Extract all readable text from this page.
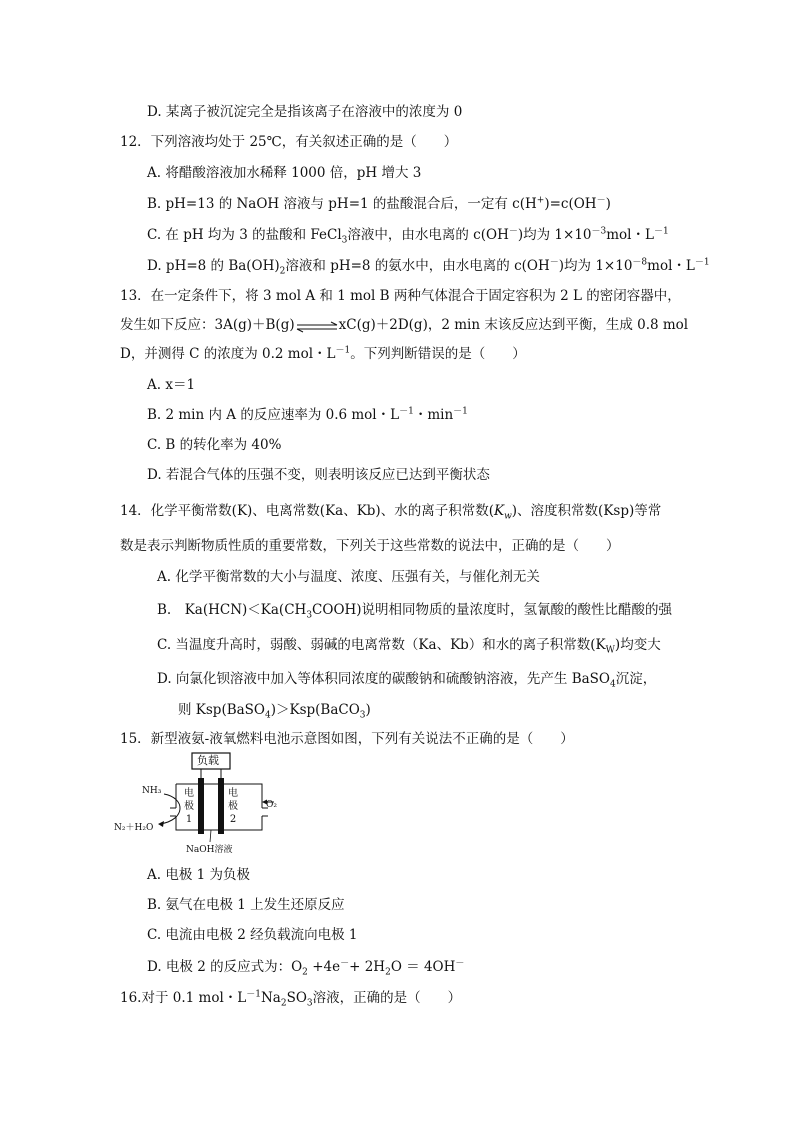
D. 某离子被沉淀完全是指该离子在溶液中的浓度为 0
12．下列溶液均处于 25℃，有关叙述正确的是（　　）
A. 将醋酸溶液加水稀释 1000 倍，pH 增大 3
B. pH=13 的 NaOH 溶液与 pH=1 的盐酸混合后，一定有 c(H+)=c(OH－)
C. 在 pH 均为 3 的盐酸和 FeCl$_3$溶液中，由水电离的 c(OH－)均为 $1\times 10^{-3}mol$・$L^{-1}$
D. pH=8 的 $Ba(OH)_2$溶液和 pH=8 的氨水中，由水电离的 c(OH－)均为 $1\times 10^{-8}mol$・$L^{-1}$
13．在一定条件下，将 3 mol A 和 1 mol B 两种气体混合于固定容积为 2 L 的密闭容器中，
发生如下反应：3A(g)＋B(g)⇌xC(g)＋2D(g)，2 min 末该反应达到平衡，生成 0.8 mol
D，并测得 C 的浓度为 0.2 mol・$L^{-1}$。下列判断错误的是（　　）
A. x＝1
B. 2 min 内 A 的反应速率为 0.6 mol・$L^{-1}$・$\min^{-1}$
C. B 的转化率为 40%
D. 若混合气体的压强不变，则表明该反应已达到平衡状态
14．化学平衡常数(K)、电离常数(Ka、Kb)、水的离子积常数$(K_w)$、溶度积常数(Ksp)等常
数是表示判断物质性质的重要常数，下列关于这些常数的说法中，正确的是（　　）
A. 化学平衡常数的大小与温度、浓度、压强有关，与催化剂无关
B.　$Ka(HCN)<Ka(CH_3COOH)$说明相同物质的量浓度时，氢氰酸的酸性比醋酸的强
C. 当温度升高时，弱酸、弱碱的电离常数（Ka、Kb）和水的离子积常数$(K_W)$均变大
D. 向氯化钡溶液中加入等体积同浓度的碳酸钠和硫酸钠溶液，先产生 BaSO$_4$沉淀，
则 Ksp(BaSO$_4$)＞Ksp(BaCO$_3$)
15．新型液氨-液氧燃料电池示意图如图，下列有关说法不正确的是（　　）
负载
NH₃
N₂＋H₂O
O₂
电
极
1
电
极
2
NaOH溶液
A. 电极 1 为负极
B. 氨气在电极 1 上发生还原反应
C. 电流由电极 2 经负载流向电极 1
D. 电极 2 的反应式为：$O_2 +4e^-+ 2H_2O = 4OH^-$
16.对于 0.1 mol・$L^{-1}Na_2SO_3$溶液，正确的是（　　）
